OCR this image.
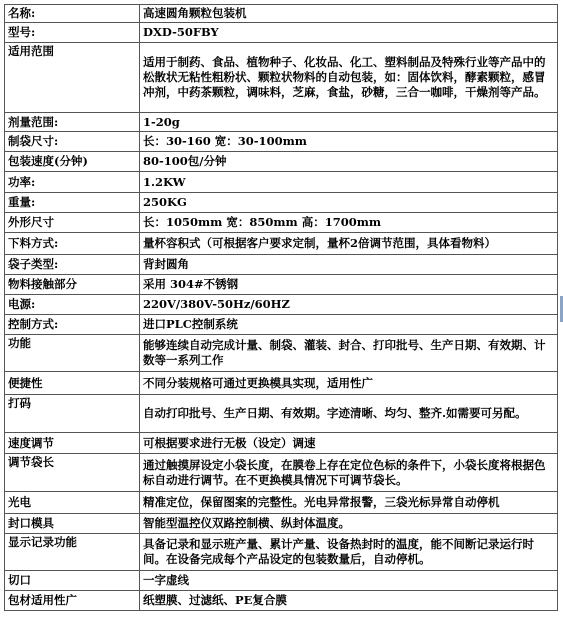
名称:	高速圆角颗粒包装机
型号:	DXD-50FBY
适用范围	适用于制药、食品、植物种子、化妆品、化工、塑料制品及特殊行业等产品中的松散状无粘性粗粉状、颗粒状物料的自动包装，如：固体饮料，酵素颗粒，感冒冲剂，中药茶颗粒，调味料，芝麻，食盐，砂糖，三合一咖啡，干燥剂等产品。
剂量范围:	1-20g
制袋尺寸:	长：30-160 宽：30-100mm
包装速度(分钟)	80-100包/分钟
功率:	1.2KW
重量:	250KG
外形尺寸	长：1050mm 宽：850mm 高：1700mm
下料方式:	量杯容积式（可根据客户要求定制，量杯2倍调节范围，具体看物料）
袋子类型:	背封圆角
物料接触部分	采用 304#不锈钢
电源:	220V/380V-50Hz/60HZ
控制方式:	进口PLC控制系统
功能	能够连续自动完成计量、制袋、灌装、封合、打印批号、生产日期、有效期、计数等一系列工作
便捷性	不同分装规格可通过更换模具实现，适用性广
打码	自动打印批号、生产日期、有效期。字迹清晰、均匀、整齐.如需要可另配。
速度调节	可根据要求进行无极（设定）调速
调节袋长	通过触摸屏设定小袋长度，在膜卷上存在定位色标的条件下，小袋长度将根据色标自动进行调节。在不更换模具情况下可调节袋长。
光电	精准定位，保留图案的完整性。光电异常报警，三袋光标异常自动停机
封口模具	智能型温控仪双路控制横、纵封体温度。
显示记录功能	具备记录和显示班产量、累计产量、设备热封时的温度，能不间断记录运行时间。在设备完成每个产品设定的包装数量后，自动停机。
切口	一字虚线
包材适用性广	纸塑膜、过滤纸、PE复合膜
